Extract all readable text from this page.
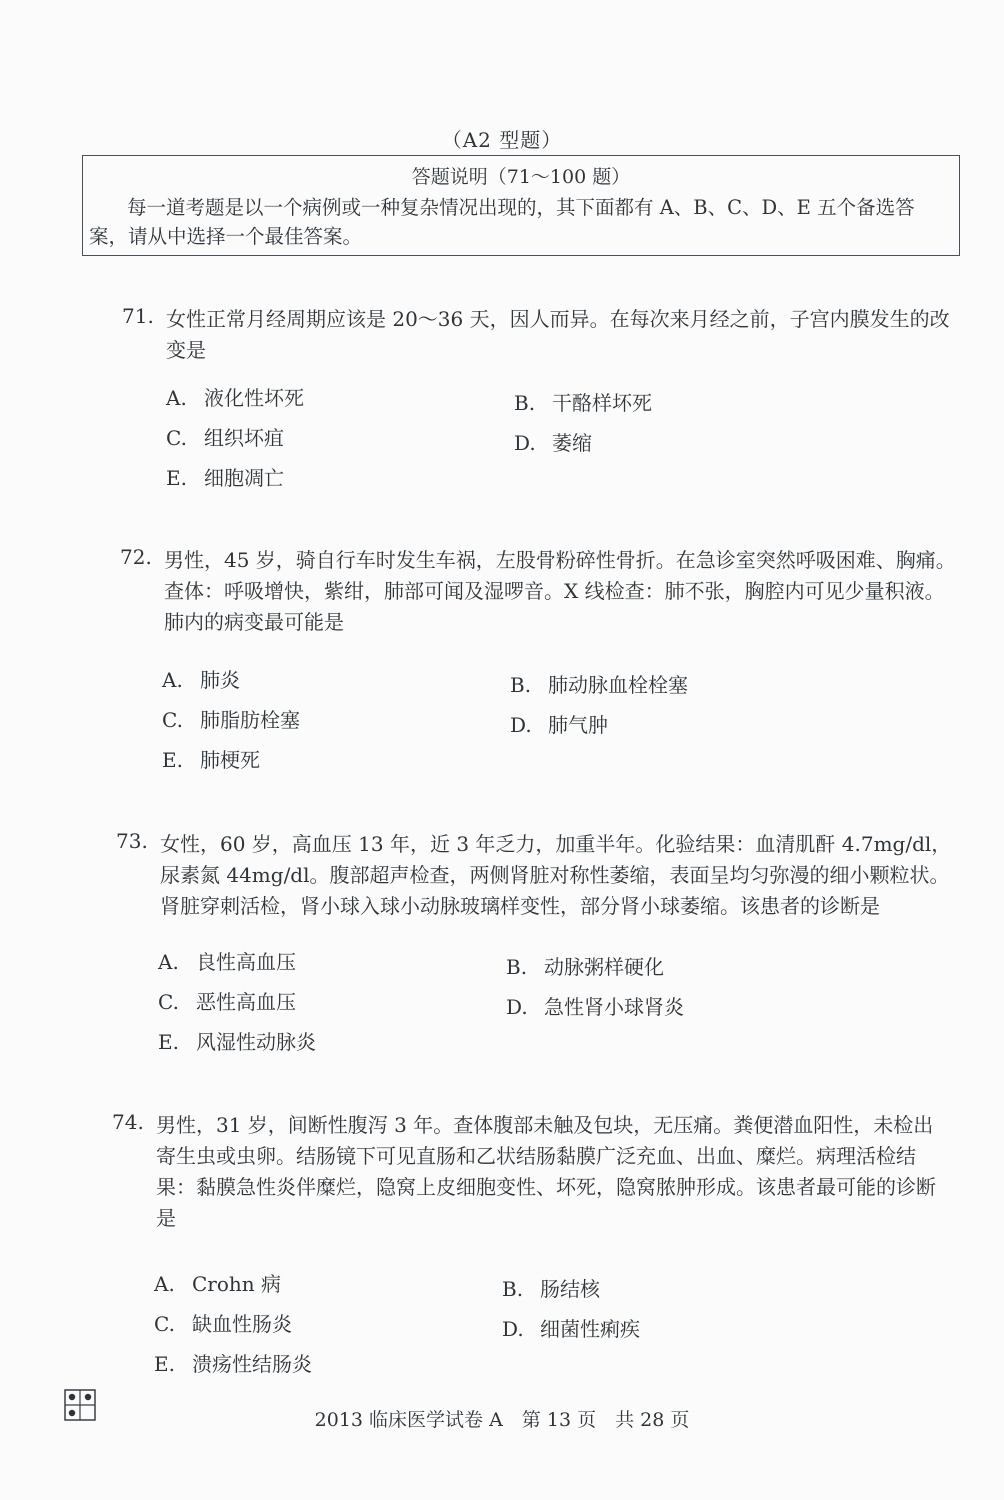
（A2 型题）
答题说明（71～100 题）
每一道考题是以一个病例或一种复杂情况出现的，其下面都有 A、B、C、D、E 五个备选答案，请从中选择一个最佳答案。
71. 女性正常月经周期应该是 20～36 天，因人而异。在每次来月经之前，子宫内膜发生的改变是
A. 液化性坏死	B. 干酪样坏死
C. 组织坏疽	D. 萎缩
E. 细胞凋亡
72. 男性，45 岁，骑自行车时发生车祸，左股骨粉碎性骨折。在急诊室突然呼吸困难、胸痛。查体：呼吸增快，紫绀，肺部可闻及湿啰音。X 线检查：肺不张，胸腔内可见少量积液。肺内的病变最可能是
A. 肺炎	B. 肺动脉血栓栓塞
C. 肺脂肪栓塞	D. 肺气肿
E. 肺梗死
73. 女性，60 岁，高血压 13 年，近 3 年乏力，加重半年。化验结果：血清肌酐 4.7mg/dl，尿素氮 44mg/dl。腹部超声检查，两侧肾脏对称性萎缩，表面呈均匀弥漫的细小颗粒状。肾脏穿刺活检，肾小球入球小动脉玻璃样变性，部分肾小球萎缩。该患者的诊断是
A. 良性高血压	B. 动脉粥样硬化
C. 恶性高血压	D. 急性肾小球肾炎
E. 风湿性动脉炎
74. 男性，31 岁，间断性腹泻 3 年。查体腹部未触及包块，无压痛。粪便潜血阳性，未检出寄生虫或虫卵。结肠镜下可见直肠和乙状结肠黏膜广泛充血、出血、糜烂。病理活检结果：黏膜急性炎伴糜烂，隐窝上皮细胞变性、坏死，隐窝脓肿形成。该患者最可能的诊断是
A. Crohn 病	B. 肠结核
C. 缺血性肠炎	D. 细菌性痢疾
E. 溃疡性结肠炎
2013 临床医学试卷 A　第 13 页　共 28 页
